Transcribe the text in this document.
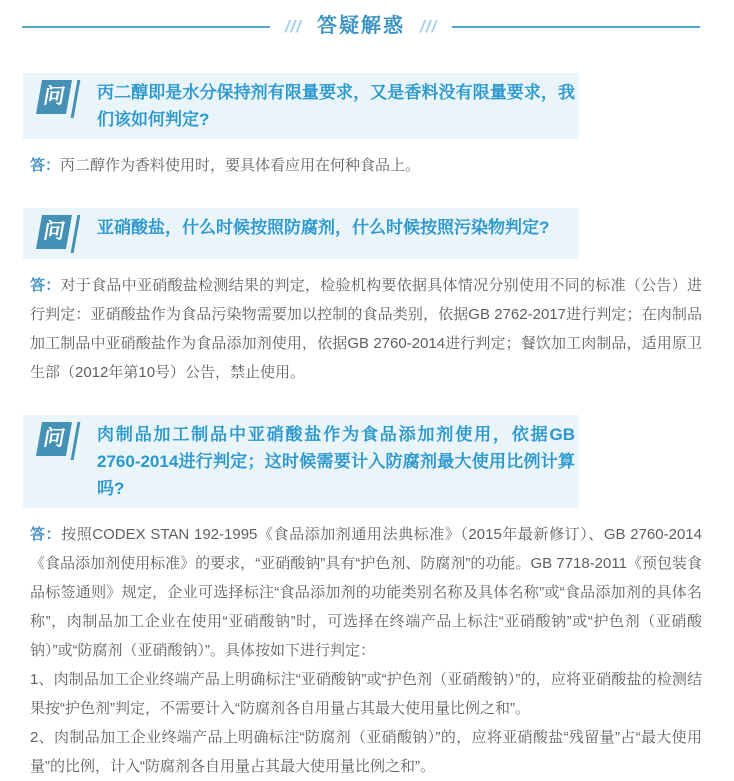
/// 答疑解惑 ///
问	丙二醇即是水分保持剂有限量要求，又是香料没有限量要求，我们该如何判定?

答：丙二醇作为香料使用时，要具体看应用在何种食品上。

问	亚硝酸盐，什么时候按照防腐剂，什么时候按照污染物判定?

答：对于食品中亚硝酸盐检测结果的判定，检验机构要依据具体情况分别使用不同的标准（公告）进行判定：亚硝酸盐作为食品污染物需要加以控制的食品类别，依据GB 2762-2017进行判定；在肉制品加工制品中亚硝酸盐作为食品添加剂使用，依据GB 2760-2014进行判定；餐饮加工肉制品，适用原卫生部（2012年第10号）公告，禁止使用。

问	肉制品加工制品中亚硝酸盐作为食品添加剂使用，依据GB 2760-2014进行判定；这时候需要计入防腐剂最大使用比例计算吗?

答：按照CODEX STAN 192-1995《食品添加剂通用法典标准》（2015年最新修订）、GB 2760-2014《食品添加剂使用标准》的要求，“亚硝酸钠”具有“护色剂、防腐剂”的功能。GB 7718-2011《预包装食品标签通则》规定，企业可选择标注“食品添加剂的功能类别名称及具体名称”或“食品添加剂的具体名称”，肉制品加工企业在使用“亚硝酸钠”时，可选择在终端产品上标注“亚硝酸钠”或“护色剂（亚硝酸钠）”或“防腐剂（亚硝酸钠）”。具体按如下进行判定：

1、肉制品加工企业终端产品上明确标注“亚硝酸钠”或“护色剂（亚硝酸钠）”的，应将亚硝酸盐的检测结果按“护色剂”判定，不需要计入“防腐剂各自用量占其最大使用量比例之和”。

2、肉制品加工企业终端产品上明确标注“防腐剂（亚硝酸钠）”的，应将亚硝酸盐“残留量”占“最大使用量”的比例，计入“防腐剂各自用量占其最大使用量比例之和”。
